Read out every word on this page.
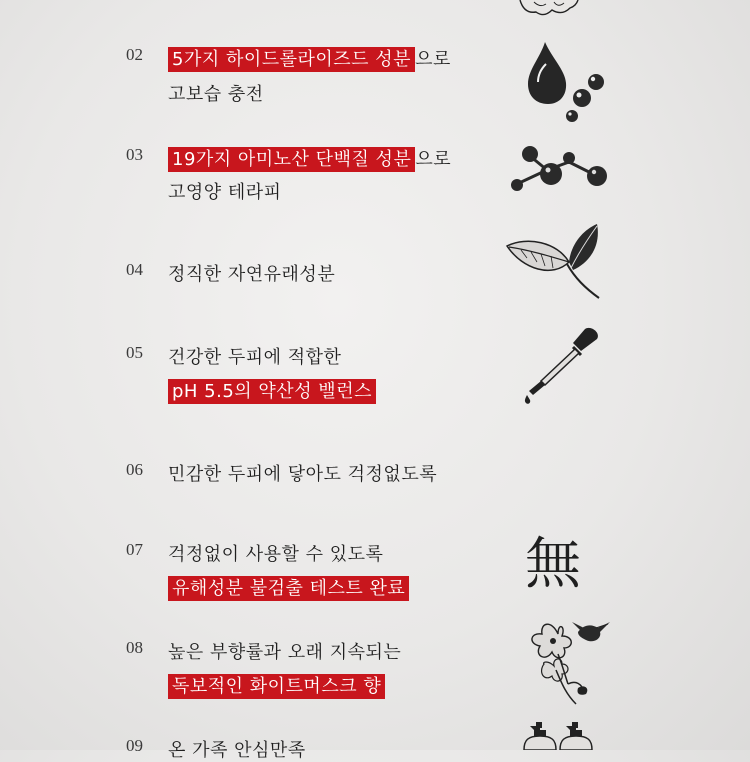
02 5가지 하이드롤라이즈드 성분 으로
고보습 충전
03 19가지 아미노산 단백질 성분 으로
고영양 테라피
04 정직한 자연유래성분
05 건강한 두피에 적합한
pH 5.5의 약산성 밸런스
06 민감한 두피에 닿아도 걱정없도록
07 걱정없이 사용할 수 있도록
유해성분 불검출 테스트 완료
08 높은 부향률과 오래 지속되는
독보적인 화이트머스크 향
09 온 가족 안심만족
無
